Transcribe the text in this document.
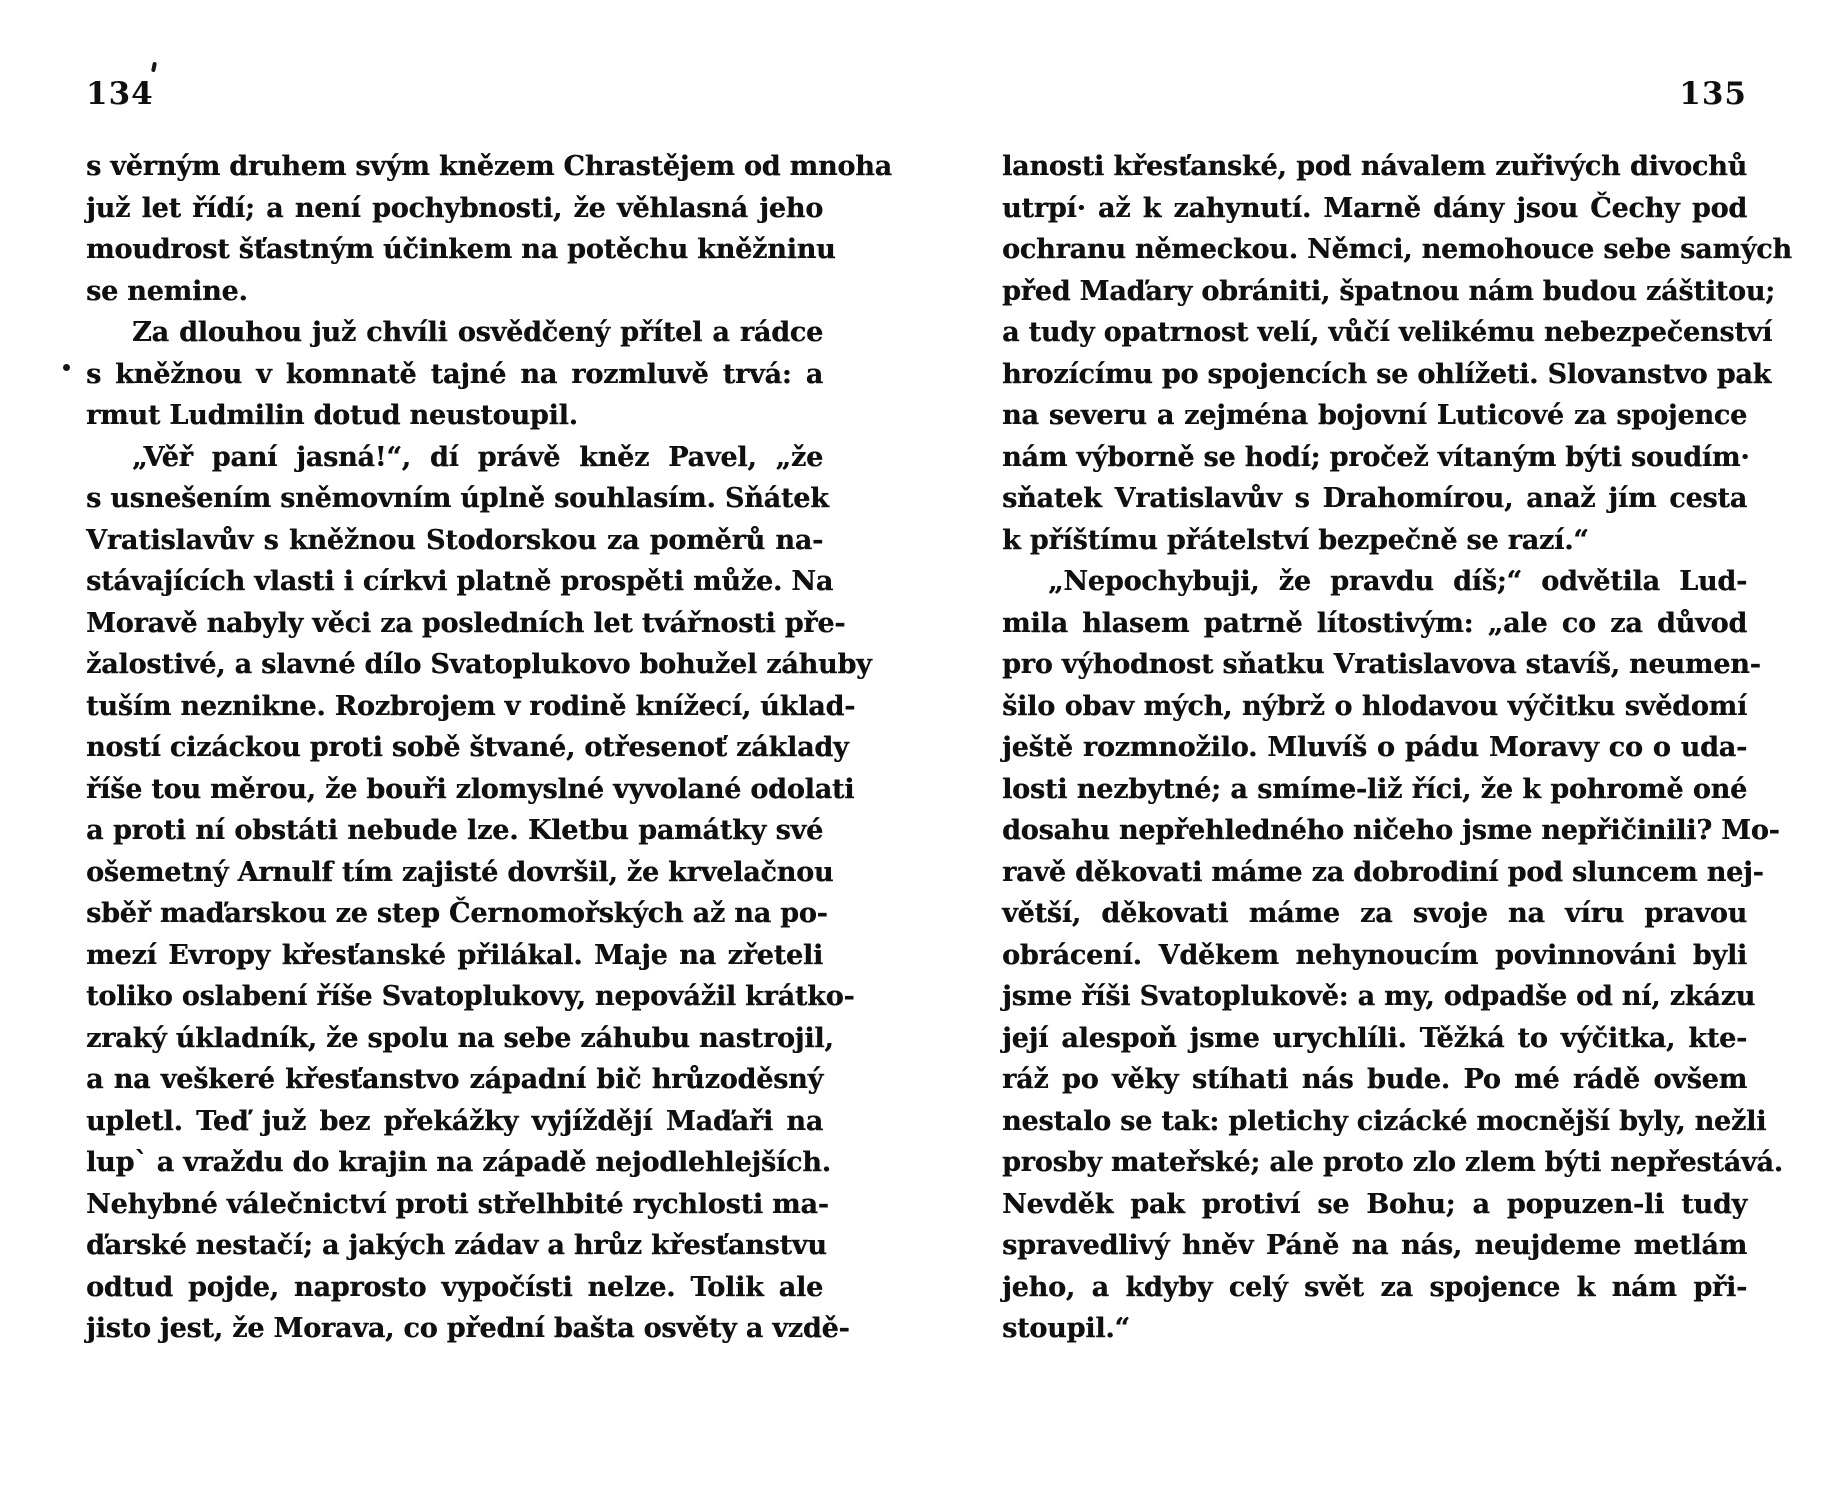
134	135
s věrným druhem svým knězem Chrastějem od mnoha
juž let řídí; a není pochybnosti, že věhlasná jeho
moudrost šťastným účinkem na potěchu kněžninu
se nemine.
Za dlouhou juž chvíli osvědčený přítel a rádce
s kněžnou v komnatě tajné na rozmluvě trvá: a
rmut Ludmilin dotud neustoupil.
„Věř paní jasná!“, dí právě kněz Pavel, „že
s usnešením sněmovním úplně souhlasím. Sňátek
Vratislavův s kněžnou Stodorskou za poměrů na-
stávajících vlasti i církvi platně prospěti může. Na
Moravě nabyly věci za posledních let tvářnosti pře-
žalostivé, a slavné dílo Svatoplukovo bohužel záhuby
tuším neznikne. Rozbrojem v rodině knížecí, úklad-
ností cizáckou proti sobě štvané, otřesenoť základy
říše tou měrou, že bouři zlomyslné vyvolané odolati
a proti ní obstáti nebude lze. Kletbu památky své
ošemetný Arnulf tím zajisté dovršil, že krvelačnou
sběř maďarskou ze step Černomořských až na po-
mezí Evropy křesťanské přilákal. Maje na zřeteli
toliko oslabení říše Svatoplukovy, nepovážil krátko-
zraký úkladník, že spolu na sebe záhubu nastrojil,
a na veškeré křesťanstvo západní bič hrůzoděsný
upletl. Teď juž bez překážky vyjíždějí Maďaři na
lup` a vraždu do krajin na západě nejodlehlejších.
Nehybné válečnictví proti střelhbité rychlosti ma-
ďarské nestačí; a jakých zádav a hrůz křesťanstvu
odtud pojde, naprosto vypočísti nelze. Tolik ale
jisto jest, že Morava, co přední bašta osvěty a vzdě-
lanosti křesťanské, pod návalem zuřivých divochů
utrpí· až k zahynutí. Marně dány jsou Čechy pod
ochranu německou. Němci, nemohouce sebe samých
před Maďary obrániti, špatnou nám budou záštitou;
a tudy opatrnost velí, vůčí velikému nebezpečenství
hrozícímu po spojencích se ohlížeti. Slovanstvo pak
na severu a zejména bojovní Luticové za spojence
nám výborně se hodí; pročež vítaným býti soudím·
sňatek Vratislavův s Drahomírou, anaž jím cesta
k příštímu přátelství bezpečně se razí.“
„Nepochybuji, že pravdu díš;“ odvětila Lud-
mila hlasem patrně lítostivým: „ale co za důvod
pro výhodnost sňatku Vratislavova stavíš, neumen-
šilo obav mých, nýbrž o hlodavou výčitku svědomí
ještě rozmnožilo. Mluvíš o pádu Moravy co o uda-
losti nezbytné; a smíme-liž říci, že k pohromě oné
dosahu nepřehledného ničeho jsme nepřičinili? Mo-
ravě děkovati máme za dobrodiní pod sluncem nej-
větší, děkovati máme za svoje na víru pravou
obrácení. Vděkem nehynoucím povinnováni byli
jsme říši Svatoplukově: a my, odpadše od ní, zkázu
její alespoň jsme urychlíli. Těžká to výčitka, kte-
ráž po věky stíhati nás bude. Po mé rádě ovšem
nestalo se tak: pletichy cizácké mocnější byly, nežli
prosby mateřské; ale proto zlo zlem býti nepřestává.
Nevděk pak protiví se Bohu; a popuzen-li tudy
spravedlivý hněv Páně na nás, neujdeme metlám
jeho, a kdyby celý svět za spojence k nám při-
stoupil.“
